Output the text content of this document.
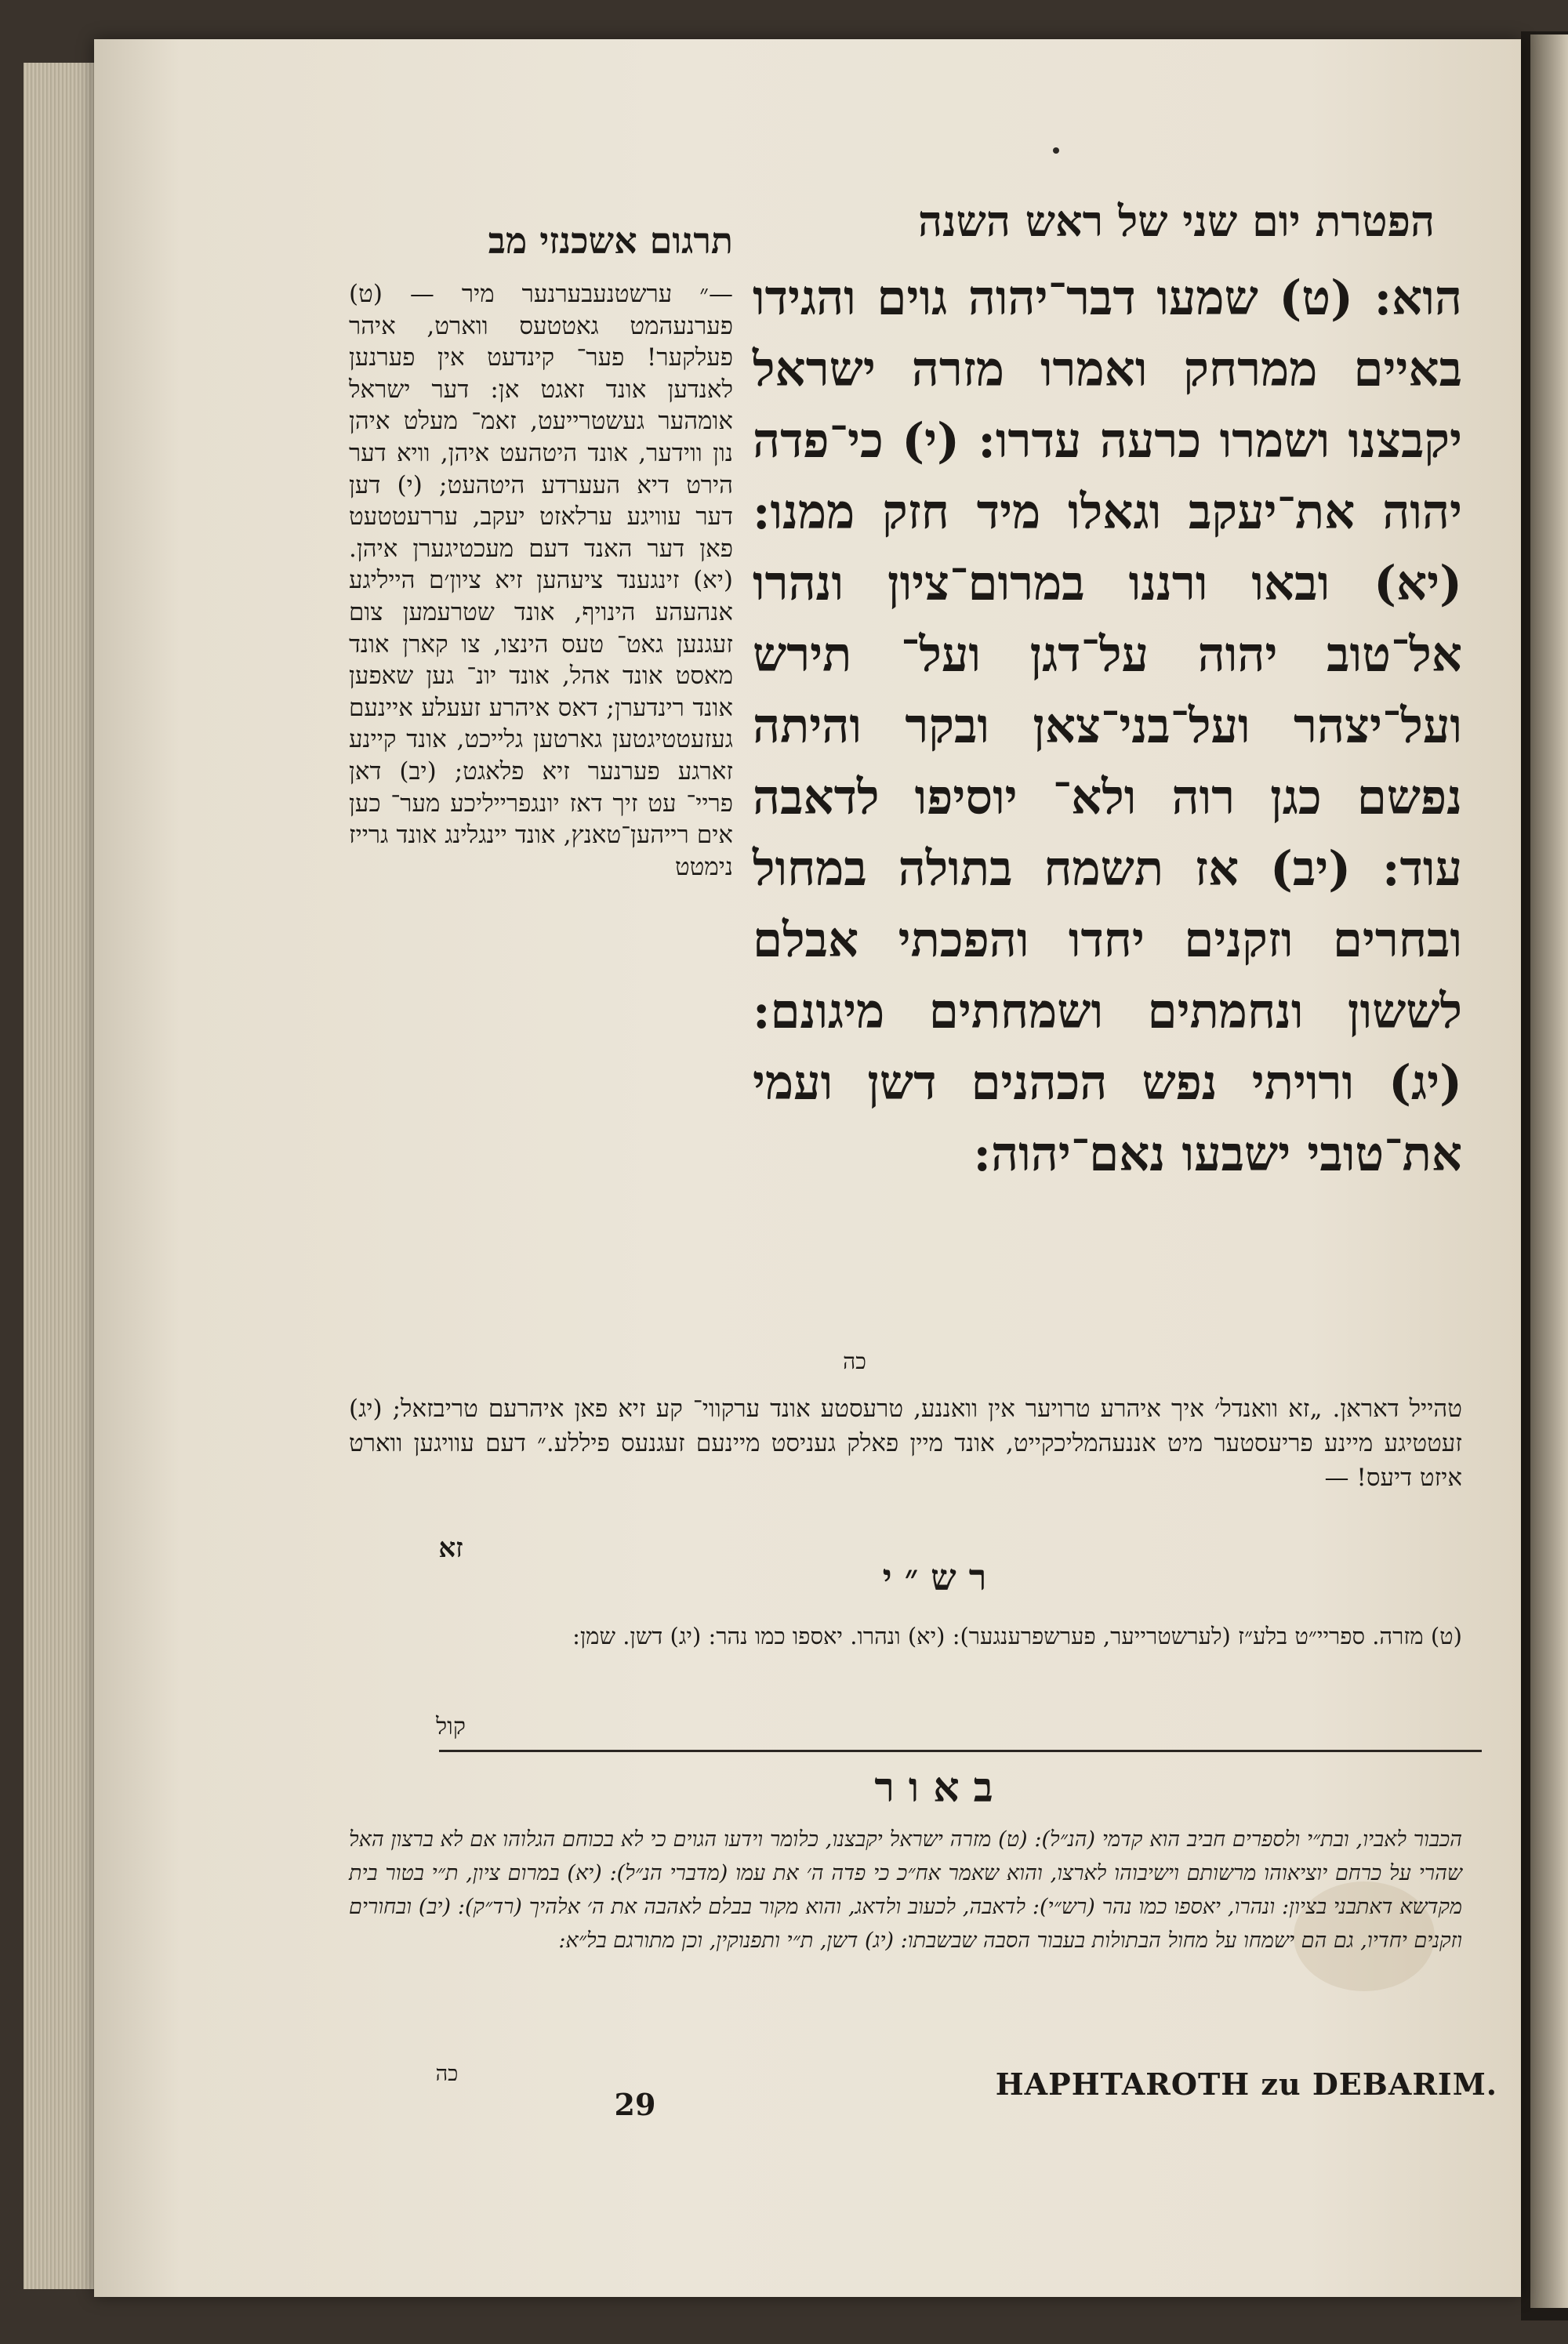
תרגום אשכנזי מב	הפטרת יום שני של ראש השנה
—״ ערשטנעבערנער מיר — (ט) פערנעהמט גאטטעס ווארט, איהר פעלקער! פער־ קינדעט אין פערנען לאנדען אונד זאגט אן: דער ישראל אומהער געשטרייעט, זאמ־ מעלט איהן נון ווידער, אונד היטהעט איהן, וויא דער הירט דיא העערדע היטהעט; (י) דען דער עוויגע ערלאזט יעקב, עררעטטעט פאן דער האנד דעם מעכטיגערן איהן. (יא) זינגענד ציעהען זיא ציון׳ם הייליגע אנהעהע הינויף, אונד שטרעמען צום זעגנען גאט־ טעס הינצו, צו קארן אונד מאסט אונד אהל, אונד יונ־ גען שאפען אונד רינדערן; דאס איהרע זעעלע איינעם געזעטטיגטען גארטען גלייכט, אונד קיינע זארגע פערנער זיא פלאגט; (יב) דאן פריי־ עט זיך דאז יונגפרייליכע מער־ כען אים רייהען־טאנץ, אונד יינגלינג אונד גרייז נימטט
הוא: (ט) שמעו דבר־יהוה גוים והגידו באיים ממרחק ואמרו מזרה ישראל יקבצנו ושמרו כרעה עדרו: (י) כי־פדה יהוה את־יעקב וגאלו מיד חזק ממנו: (יא) ובאו ורננו במרום־ציון ונהרו אל־טוב יהוה על־דגן ועל־ תירש ועל־יצהר ועל־בני־צאן ובקר והיתה נפשם כגן רוה ולא־ יוסיפו לדאבה עוד: (יב) אז תשמח בתולה במחול ובחרים וזקנים יחדו והפכתי אבלם לששון ונחמתים ושמחתים מיגונם: (יג) ורויתי נפש הכהנים דשן ועמי את־טובי ישבעו נאם־יהוה:
כה
טהייל דאראן. „זא וואנדל׳ איך איהרע טרויער אין וואננע, טרעסטע אונד ערקווי־ קע זיא פאן איהרעם טריבזאל; (יג) זעטטיגע מיינע פריעסטער מיט אננעהמליכקייט, אונד מיין פאלק געניסט מיינעם זעגנעס פיללע.״ דעם עוויגען ווארט איזט דיעס! —
זא
רש״י
(ט) מזרה. ספריי״ט בלע״ז (לערשטרייער, פערשפרענגער): (יא) ונהרו. יאספו כמו נהר: (יג) דשן. שמן:
קול
באור
הכבור לאביו, ובת״י ולספרים חביב הוא קדמי (הנ״ל): (ט) מזרה ישראל יקבצנו, כלומר וידעו הגוים כי לא בכוחם הגלוהו אם לא ברצון האל שהרי על כרחם יוציאוהו מרשותם וישיבוהו לארצו, והוא שאמר אח״כ כי פדה ה׳ את עמו (מדברי הנ״ל): (יא) במרום ציון, ת״י בטור בית מקדשא דאתבני בציון: ונהרו, יאספו כמו נהר (רש״י): לדאבה, לכעוב ולדאג, והוא מקור בבלם לאהבה את ה׳ אלהיך (רד״ק): (יב) ובחורים וזקנים יחדיו, גם הם ישמחו על מחול הבתולות בעבור הסבה שבשבתו: (יג) דשן, ת״י ותפנוקין, וכן מתורגם בל״א:
כה
29
HAPHTAROTH zu DEBARIM.
